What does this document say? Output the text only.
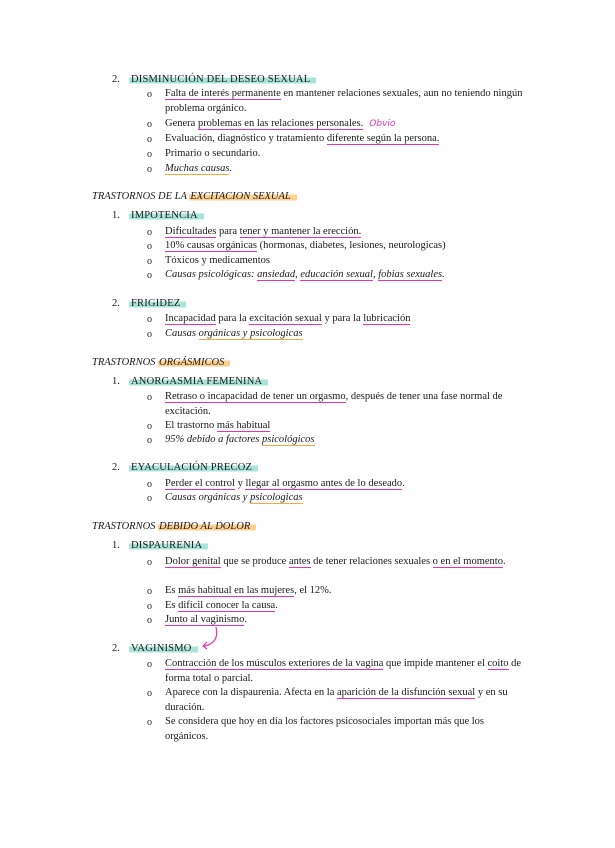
2. DISMINUCIÓN DEL DESEO SEXUAL
o Falta de interés permanente en mantener relaciones sexuales, aun no teniendo ningún problema orgánico.
o Genera problemas en las relaciones personales. Obvio
o Evaluación, diagnóstico y tratamiento diferente según la persona.
o Primario o secundario.
o Muchas causas.
TRASTORNOS DE LA EXCITACION SEXUAL
1. IMPOTENCIA
o Dificultades para tener y mantener la erección.
o 10% causas orgánicas (hormonas, diabetes, lesiones, neurologicas)
o Tóxicos y medicamentos
o Causas psicológicas: ansiedad, educación sexual, fobias sexuales.
2. FRIGIDEZ
o Incapacidad para la excitación sexual y para la lubricación
o Causas orgánicas y psicologicas
TRASTORNOS ORGÁSMICOS
1. ANORGASMIA FEMENINA
o Retraso o incapacidad de tener un orgasmo, después de tener una fase normal de excitación.
o El trastorno más habitual
o 95% debido a factores psicológicos
2. EYACULACIÓN PRECOZ
o Perder el control y llegar al orgasmo antes de lo deseado.
o Causas orgánicas y psicologicas
TRASTORNOS DEBIDO AL DOLOR
1. DISPAURENIA
o Dolor genital que se produce antes de tener relaciones sexuales o en el momento.
o Es más habitual en las mujeres, el 12%.
o Es difícil conocer la causa.
o Junto al vaginismo.
2. VAGINISMO
o Contracción de los músculos exteriores de la vagina que impide mantener el coito de forma total o parcial.
o Aparece con la dispaurenia. Afecta en la aparición de la disfunción sexual y en su duración.
o Se considera que hoy en día los factores psicosociales importan más que los orgánicos.
